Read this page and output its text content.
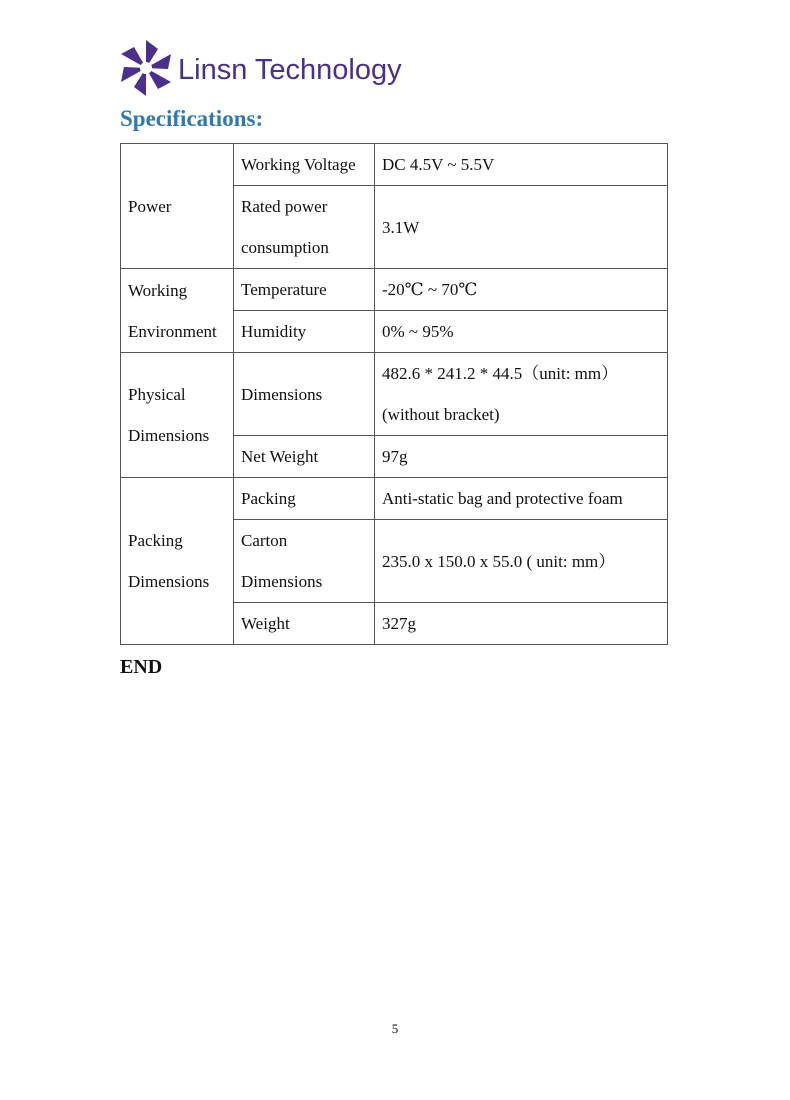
Linsn Technology
Specifications:
Power	Working Voltage	DC 4.5V ~ 5.5V
	Rated power consumption	3.1W
Working Environment	Temperature	-20℃ ~ 70℃
	Humidity	0% ~ 95%
Physical Dimensions	Dimensions	482.6 * 241.2 * 44.5（unit: mm）(without bracket)
	Net Weight	97g
Packing Dimensions	Packing	Anti-static bag and protective foam
	Carton Dimensions	235.0 x 150.0 x 55.0 ( unit: mm）
	Weight	327g
END
5
